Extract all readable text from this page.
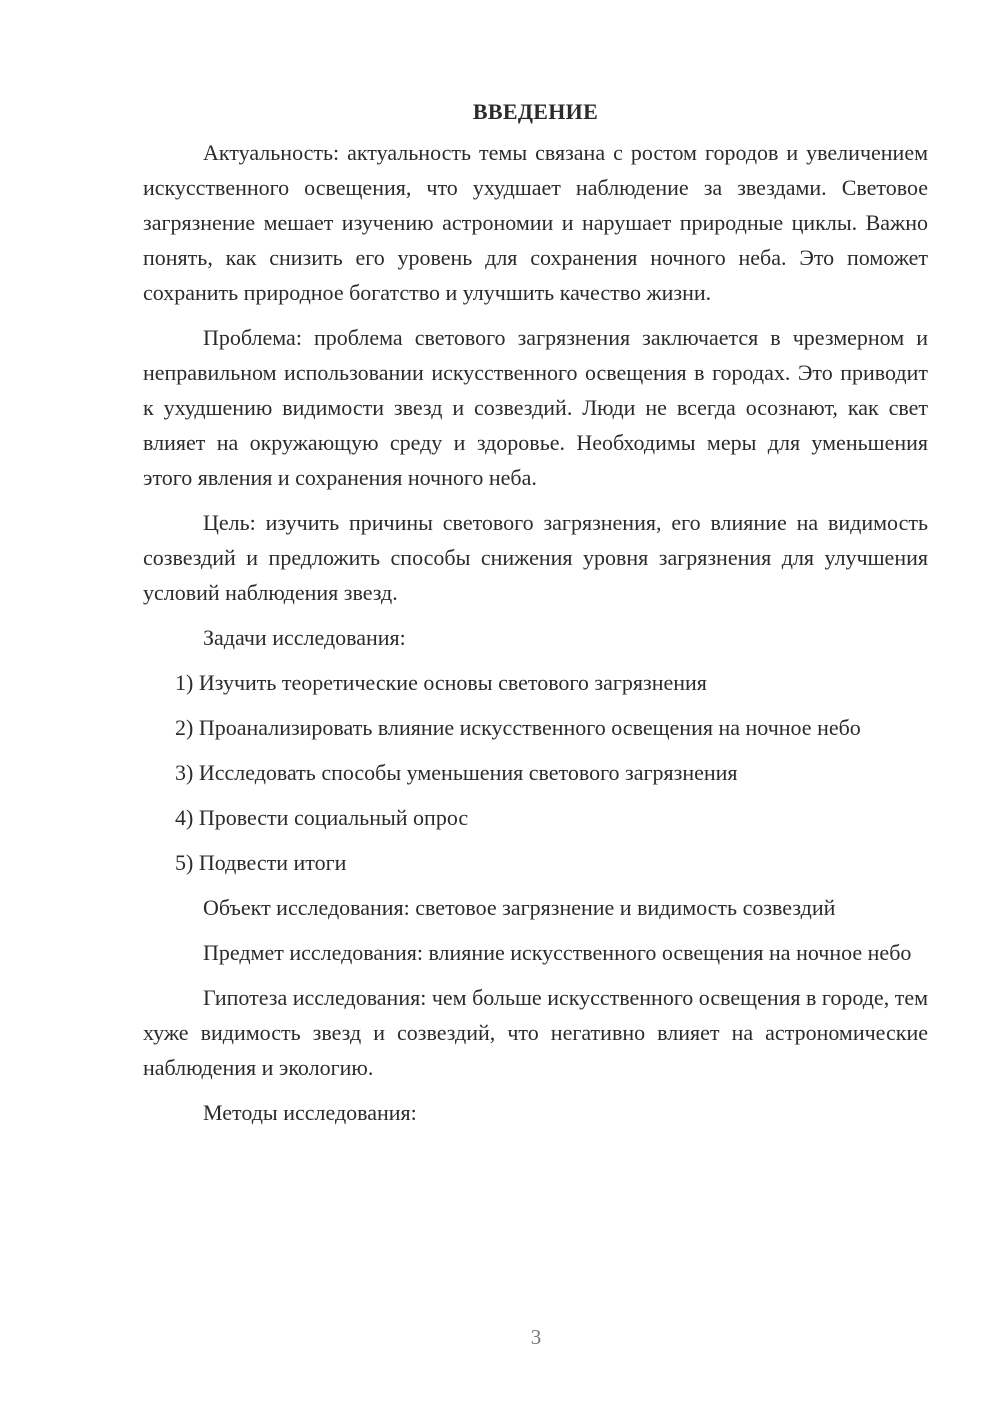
ВВЕДЕНИЕ

Актуальность: актуальность темы связана с ростом городов и увеличением искусственного освещения, что ухудшает наблюдение за звездами. Световое загрязнение мешает изучению астрономии и нарушает природные циклы. Важно понять, как снизить его уровень для сохранения ночного неба. Это поможет сохранить природное богатство и улучшить качество жизни.

Проблема: проблема светового загрязнения заключается в чрезмерном и неправильном использовании искусственного освещения в городах. Это приводит к ухудшению видимости звезд и созвездий. Люди не всегда осознают, как свет влияет на окружающую среду и здоровье. Необходимы меры для уменьшения этого явления и сохранения ночного неба.

Цель: изучить причины светового загрязнения, его влияние на видимость созвездий и предложить способы снижения уровня загрязнения для улучшения условий наблюдения звезд.

Задачи исследования:

1) Изучить теоретические основы светового загрязнения

2) Проанализировать влияние искусственного освещения на ночное небо

3) Исследовать способы уменьшения светового загрязнения

4) Провести социальный опрос

5) Подвести итоги

Объект исследования: световое загрязнение и видимость созвездий

Предмет исследования: влияние искусственного освещения на ночное небо

Гипотеза исследования: чем больше искусственного освещения в городе, тем хуже видимость звезд и созвездий, что негативно влияет на астрономические наблюдения и экологию.

Методы исследования:

3
